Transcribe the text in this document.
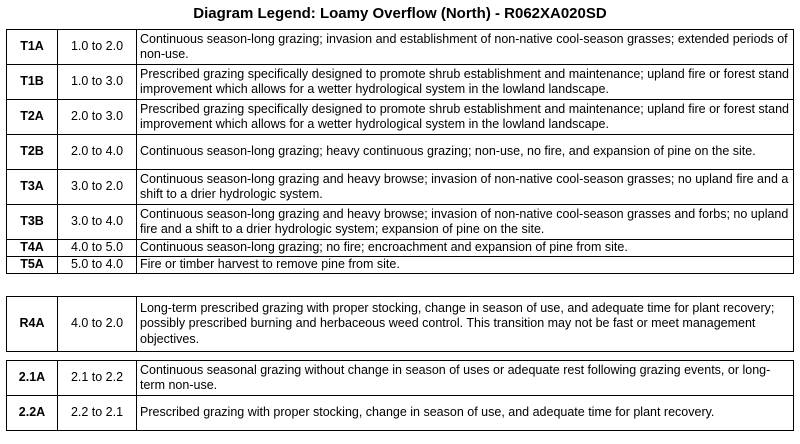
Diagram Legend: Loamy Overflow (North) - R062XA020SD
T1A	1.0 to 2.0	Continuous season-long grazing; invasion and establishment of non-native cool-season grasses; extended periods of non-use.
T1B	1.0 to 3.0	Prescribed grazing specifically designed to promote shrub establishment and maintenance; upland fire or forest stand improvement which allows for a wetter hydrological system in the lowland landscape.
T2A	2.0 to 3.0	Prescribed grazing specifically designed to promote shrub establishment and maintenance; upland fire or forest stand improvement which allows for a wetter hydrological system in the lowland landscape.
T2B	2.0 to 4.0	Continuous season-long grazing; heavy continuous grazing; non-use, no fire, and expansion of pine on the site.
T3A	3.0 to 2.0	Continuous season-long grazing and heavy browse; invasion of non-native cool-season grasses; no upland fire and a shift to a drier hydrologic system.
T3B	3.0 to 4.0	Continuous season-long grazing and heavy browse; invasion of non-native cool-season grasses and forbs; no upland fire and a shift to a drier hydrologic system; expansion of pine on the site.
T4A	4.0 to 5.0	Continuous season-long grazing; no fire; encroachment and expansion of pine from site.
T5A	5.0 to 4.0	Fire or timber harvest to remove pine from site.
R4A	4.0 to 2.0	Long-term prescribed grazing with proper stocking, change in season of use, and adequate time for plant recovery; possibly prescribed burning and herbaceous weed control. This transition may not be fast or meet management objectives.
2.1A	2.1 to 2.2	Continuous seasonal grazing without change in season of uses or adequate rest following grazing events, or long-term non-use.
2.2A	2.2 to 2.1	Prescribed grazing with proper stocking, change in season of use, and adequate time for plant recovery.
